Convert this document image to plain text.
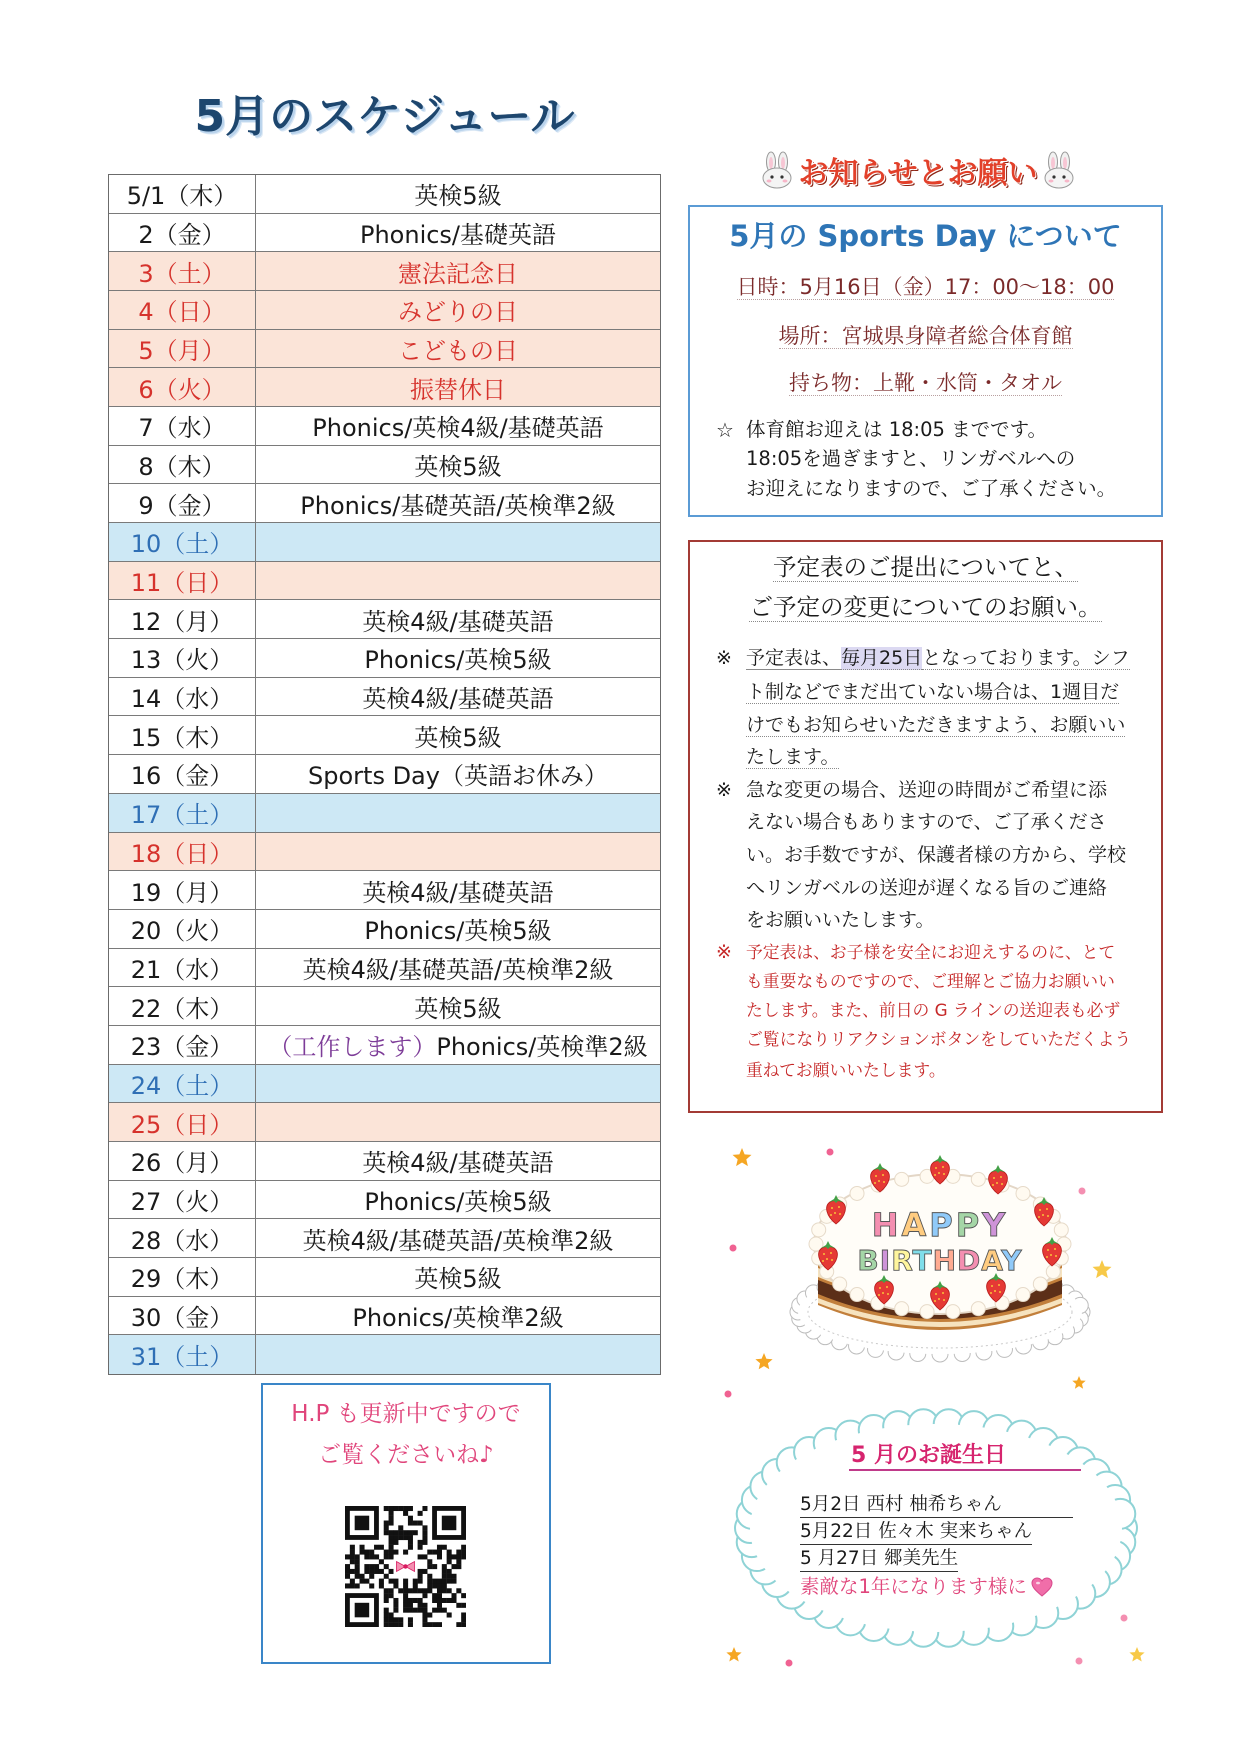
5月のスケジュール
5/1（木）	英検5級
2（金）	Phonics/基礎英語
3（土）	憲法記念日
4（日）	みどりの日
5（月）	こどもの日
6（火）	振替休日
7（水）	Phonics/英検4級/基礎英語
8（木）	英検5級
9（金）	Phonics/基礎英語/英検準2級
10（土）
11（日）
12（月）	英検4級/基礎英語
13（火）	Phonics/英検5級
14（水）	英検4級/基礎英語
15（木）	英検5級
16（金）	Sports Day（英語お休み）
17（土）
18（日）
19（月）	英検4級/基礎英語
20（火）	Phonics/英検5級
21（水）	英検4級/基礎英語/英検準2級
22（木）	英検5級
23（金）	（工作します） Phonics/英検準2級
24（土）
25（日）
26（月）	英検4級/基礎英語
27（火）	Phonics/英検5級
28（水）	英検4級/基礎英語/英検準2級
29（木）	英検5級
30（金）	Phonics/英検準2級
31（土）
お知らせとお願い
5月の Sports Day について
日時：5月16日（金）17：00～18：00
場所：宮城県身障者総合体育館
持ち物：上靴・水筒・タオル
☆ 体育館お迎えは 18:05 までです。
18:05を過ぎますと、リンガベルへの
お迎えになりますので、ご了承ください。
予定表のご提出についてと、
ご予定の変更についてのお願い。
※ 予定表は、毎月25日となっております。シフ
ト制などでまだ出ていない場合は、1週目だ
けでもお知らせいただきますよう、お願いい
たします。
※ 急な変更の場合、送迎の時間がご希望に添
えない場合もありますので、ご了承くださ
い。お手数ですが、保護者様の方から、学校
へリンガベルの送迎が遅くなる旨のご連絡
をお願いいたします。
※ 予定表は、お子様を安全にお迎えするのに、とて
も重要なものですので、ご理解とご協力お願いい
たします。また、前日の G ラインの送迎表も必ず
ご覧になりリアクションボタンをしていただくよう
重ねてお願いいたします。
H.P も更新中ですので
ご覧くださいね♪
HAPPY
BIRTHDAY
5 月のお誕生日
5月2日 西村 柚希ちゃん
5月22日 佐々木 実来ちゃん
5 月27日 郷美先生
素敵な1年になります様に
